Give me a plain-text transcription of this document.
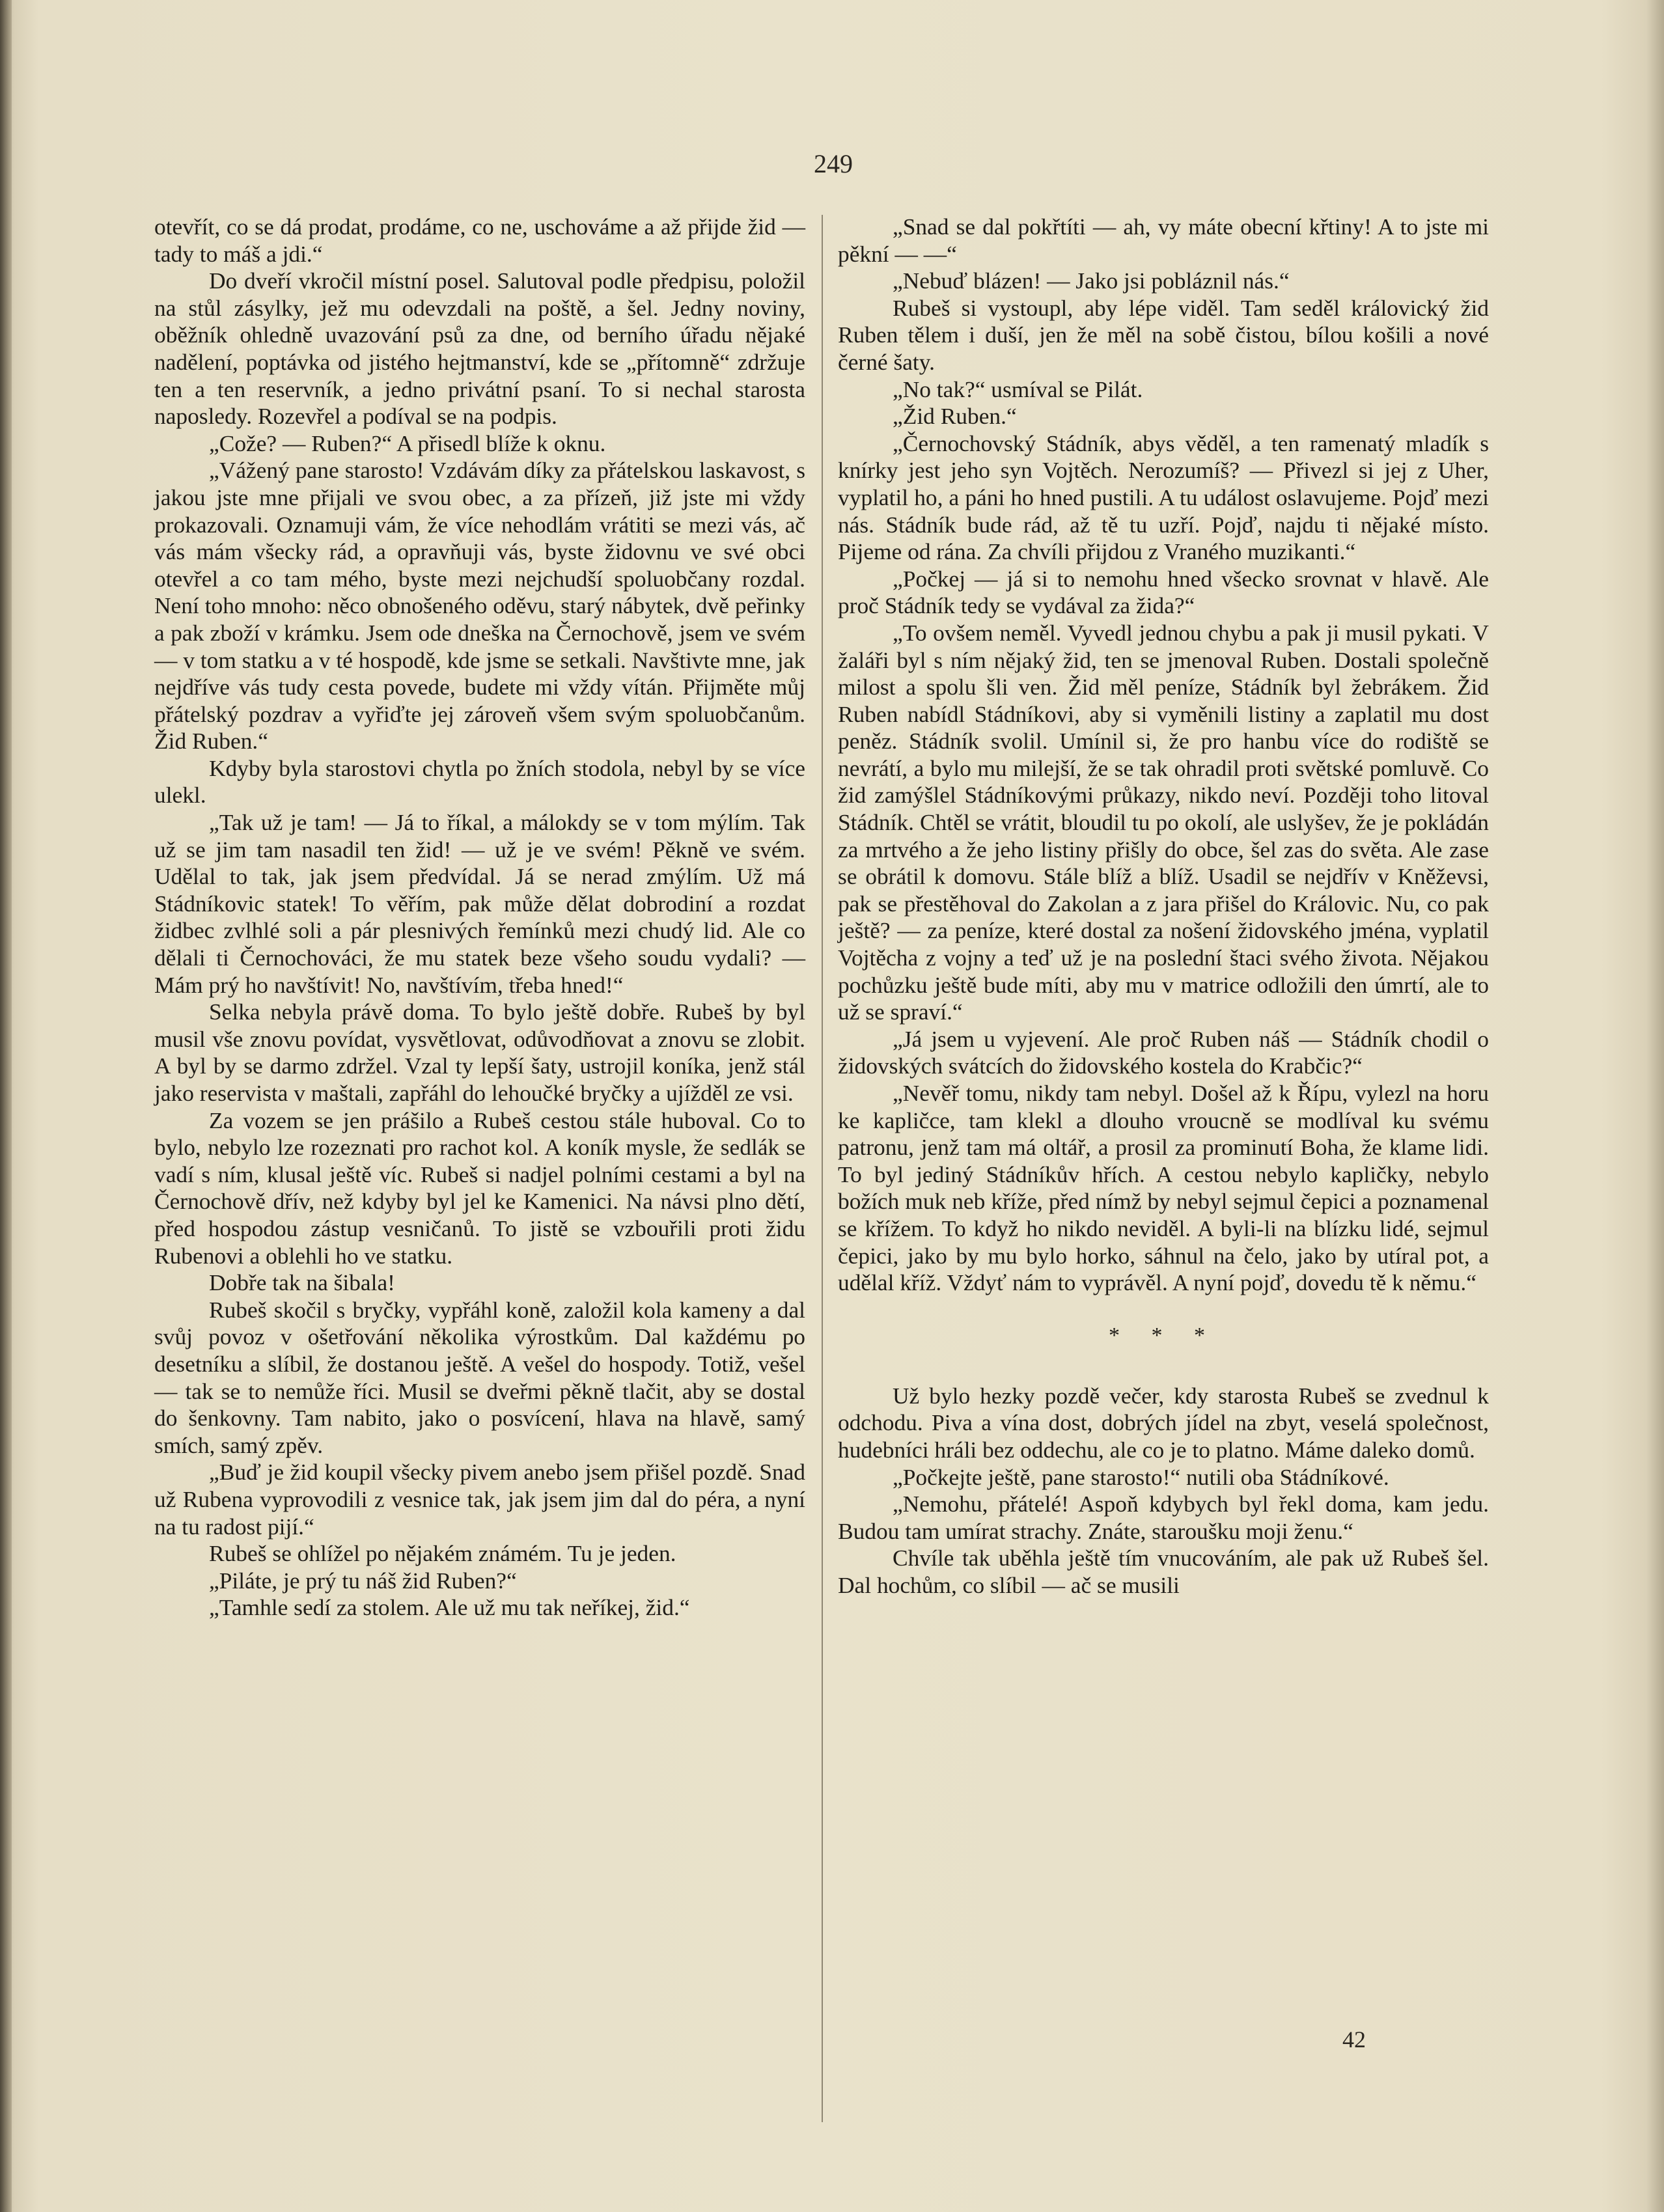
249

otevřít, co se dá prodat, prodáme, co ne, uschováme a až přijde žid — tady to máš a jdi.“

Do dveří vkročil místní posel. Salutoval podle předpisu, položil na stůl zásylky, jež mu odevzdali na poště, a šel. Jedny noviny, oběžník ohledně uvazování psů za dne, od berního úřadu nějaké nadělení, poptávka od jistého hejtmanství, kde se „přítomně“ zdržuje ten a ten reservník, a jedno privátní psaní. To si nechal starosta naposledy. Rozevřel a podíval se na podpis.

„Cože? — Ruben?“ A přisedl blíže k oknu.

„Vážený pane starosto! Vzdávám díky za přátelskou laskavost, s jakou jste mne přijali ve svou obec, a za přízeň, již jste mi vždy prokazovali. Oznamuji vám, že více nehodlám vrátiti se mezi vás, ač vás mám všecky rád, a opravňuji vás, byste židovnu ve své obci otevřel a co tam mého, byste mezi nejchudší spoluobčany rozdal. Není toho mnoho: něco obnošeného oděvu, starý nábytek, dvě peřinky a pak zboží v krámku. Jsem ode dneška na Černochově, jsem ve svém — v tom statku a v té hospodě, kde jsme se setkali. Navštivte mne, jak nejdříve vás tudy cesta povede, budete mi vždy vítán. Přijměte můj přátelský pozdrav a vyřiďte jej zároveň všem svým spoluobčanům. Žid Ruben.“

Kdyby byla starostovi chytla po žních stodola, nebyl by se více ulekl.

„Tak už je tam! — Já to říkal, a málokdy se v tom mýlím. Tak už se jim tam nasadil ten žid! — už je ve svém! Pěkně ve svém. Udělal to tak, jak jsem předvídal. Já se nerad zmýlím. Už má Stádníkovic statek! To věřím, pak může dělat dobrodiní a rozdat židbec zvlhlé soli a pár plesnivých řemínků mezi chudý lid. Ale co dělali ti Černochováci, že mu statek beze všeho soudu vydali? — Mám prý ho navštívit! No, navštívím, třeba hned!“

Selka nebyla právě doma. To bylo ještě dobře. Rubeš by byl musil vše znovu povídat, vysvětlovat, odůvodňovat a znovu se zlobit. A byl by se darmo zdržel. Vzal ty lepší šaty, ustrojil koníka, jenž stál jako reservista v maštali, zapřáhl do lehoučké bryčky a ujížděl ze vsi.

Za vozem se jen prášilo a Rubeš cestou stále huboval. Co to bylo, nebylo lze rozeznati pro rachot kol. A koník mysle, že sedlák se vadí s ním, klusal ještě víc. Rubeš si nadjel polními cestami a byl na Černochově dřív, než kdyby byl jel ke Kamenici. Na návsi plno dětí, před hospodou zástup vesničanů. To jistě se vzbouřili proti židu Rubenovi a oblehli ho ve statku.

Dobře tak na šibala!

Rubeš skočil s bryčky, vypřáhl koně, založil kola kameny a dal svůj povoz v ošetřování několika výrostkům. Dal každému po desetníku a slíbil, že dostanou ještě. A vešel do hospody. Totiž, vešel — tak se to nemůže říci. Musil se dveřmi pěkně tlačit, aby se dostal do šenkovny. Tam nabito, jako o posvícení, hlava na hlavě, samý smích, samý zpěv.

„Buď je žid koupil všecky pivem anebo jsem přišel pozdě. Snad už Rubena vyprovodili z vesnice tak, jak jsem jim dal do péra, a nyní na tu radost pijí.“

Rubeš se ohlížel po nějakém známém. Tu je jeden.

„Piláte, je prý tu náš žid Ruben?“

„Tamhle sedí za stolem. Ale už mu tak neříkej, žid.“

„Snad se dal pokřtíti — ah, vy máte obecní křtiny! A to jste mi pěkní — —“

„Nebuď blázen! — Jako jsi pobláznil nás.“

Rubeš si vystoupl, aby lépe viděl. Tam seděl královický žid Ruben tělem i duší, jen že měl na sobě čistou, bílou košili a nové černé šaty.

„No tak?“ usmíval se Pilát.

„Žid Ruben.“

„Černochovský Stádník, abys věděl, a ten ramenatý mladík s knírky jest jeho syn Vojtěch. Nerozumíš? — Přivezl si jej z Uher, vyplatil ho, a páni ho hned pustili. A tu událost oslavujeme. Pojď mezi nás. Stádník bude rád, až tě tu uzří. Pojď, najdu ti nějaké místo. Pijeme od rána. Za chvíli přijdou z Vraného muzikanti.“

„Počkej — já si to nemohu hned všecko srovnat v hlavě. Ale proč Stádník tedy se vydával za žida?“

„To ovšem neměl. Vyvedl jednou chybu a pak ji musil pykati. V žaláři byl s ním nějaký žid, ten se jmenoval Ruben. Dostali společně milost a spolu šli ven. Žid měl peníze, Stádník byl žebrákem. Žid Ruben nabídl Stádníkovi, aby si vyměnili listiny a zaplatil mu dost peněz. Stádník svolil. Umínil si, že pro hanbu více do rodiště se nevrátí, a bylo mu milejší, že se tak ohradil proti světské pomluvě. Co žid zamýšlel Stádníkovými průkazy, nikdo neví. Později toho litoval Stádník. Chtěl se vrátit, bloudil tu po okolí, ale uslyšev, že je pokládán za mrtvého a že jeho listiny přišly do obce, šel zas do světa. Ale zase se obrátil k domovu. Stále blíž a blíž. Usadil se nejdřív v Kněževsi, pak se přestěhoval do Zakolan a z jara přišel do Královic. Nu, co pak ještě? — za peníze, které dostal za nošení židovského jména, vyplatil Vojtěcha z vojny a teď už je na poslední štaci svého života. Nějakou pochůzku ještě bude míti, aby mu v matrice odložili den úmrtí, ale to už se spraví.“

„Já jsem u vyjevení. Ale proč Ruben náš — Stádník chodil o židovských svátcích do židovského kostela do Krabčic?“

„Nevěř tomu, nikdy tam nebyl. Došel až k Řípu, vylezl na horu ke kapličce, tam klekl a dlouho vroucně se modlíval ku svému patronu, jenž tam má oltář, a prosil za prominutí Boha, že klame lidi. To byl jediný Stádníkův hřích. A cestou nebylo kapličky, nebylo božích muk neb kříže, před nímž by nebyl sejmul čepici a poznamenal se křížem. To když ho nikdo neviděl. A byli-li na blízku lidé, sejmul čepici, jako by mu bylo horko, sáhnul na čelo, jako by utíral pot, a udělal kříž. Vždyť nám to vyprávěl. A nyní pojď, dovedu tě k němu.“

* * *

Už bylo hezky pozdě večer, kdy starosta Rubeš se zvednul k odchodu. Piva a vína dost, dobrých jídel na zbyt, veselá společnost, hudebníci hráli bez oddechu, ale co je to platno. Máme daleko domů.

„Počkejte ještě, pane starosto!“ nutili oba Stádníkové.

„Nemohu, přátelé! Aspoň kdybych byl řekl doma, kam jedu. Budou tam umírat strachy. Znáte, staroušku moji ženu.“

Chvíle tak uběhla ještě tím vnucováním, ale pak už Rubeš šel. Dal hochům, co slíbil — ač se musili

42
